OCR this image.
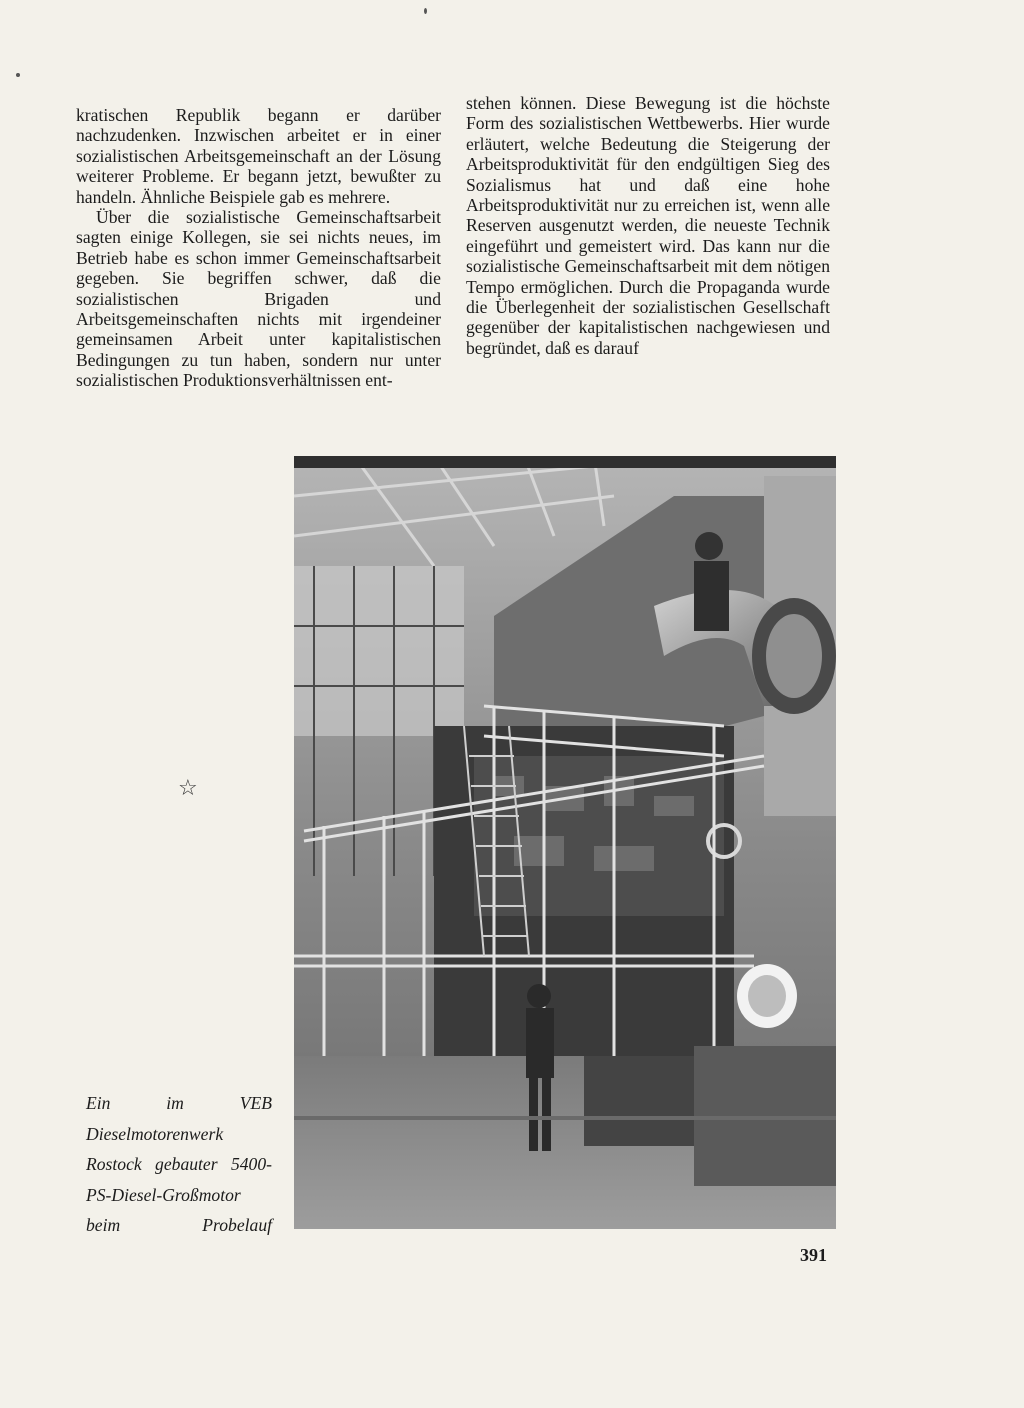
kratischen Republik begann er darüber nachzudenken. Inzwischen arbeitet er in einer sozialistischen Arbeitsgemeinschaft an der Lösung weiterer Probleme. Er begann jetzt, bewußter zu handeln. Ähnliche Beispiele gab es mehrere.

Über die sozialistische Gemeinschaftsarbeit sagten einige Kollegen, sie sei nichts neues, im Betrieb habe es schon immer Gemeinschaftsarbeit gegeben. Sie begriffen schwer, daß die sozialistischen Brigaden und Arbeitsgemeinschaften nichts mit irgendeiner gemeinsamen Arbeit unter kapitalistischen Bedingungen zu tun haben, sondern nur unter sozialistischen Produktionsverhältnissen ent-

stehen können. Diese Bewegung ist die höchste Form des sozialistischen Wettbewerbs. Hier wurde erläutert, welche Bedeutung die Steigerung der Arbeitsproduktivität für den endgültigen Sieg des Sozialismus hat und daß eine hohe Arbeitsproduktivität nur zu erreichen ist, wenn alle Reserven ausgenutzt werden, die neueste Technik eingeführt und gemeistert wird. Das kann nur die sozialistische Gemeinschaftsarbeit mit dem nötigen Tempo ermöglichen. Durch die Propaganda wurde die Überlegenheit der sozialistischen Gesellschaft gegenüber der kapitalistischen nachgewiesen und begründet, daß es darauf

☆
Ein im VEB Dieselmotorenwerk Rostock gebauter 5400-PS-Diesel-Großmotor beim Probelauf
391
